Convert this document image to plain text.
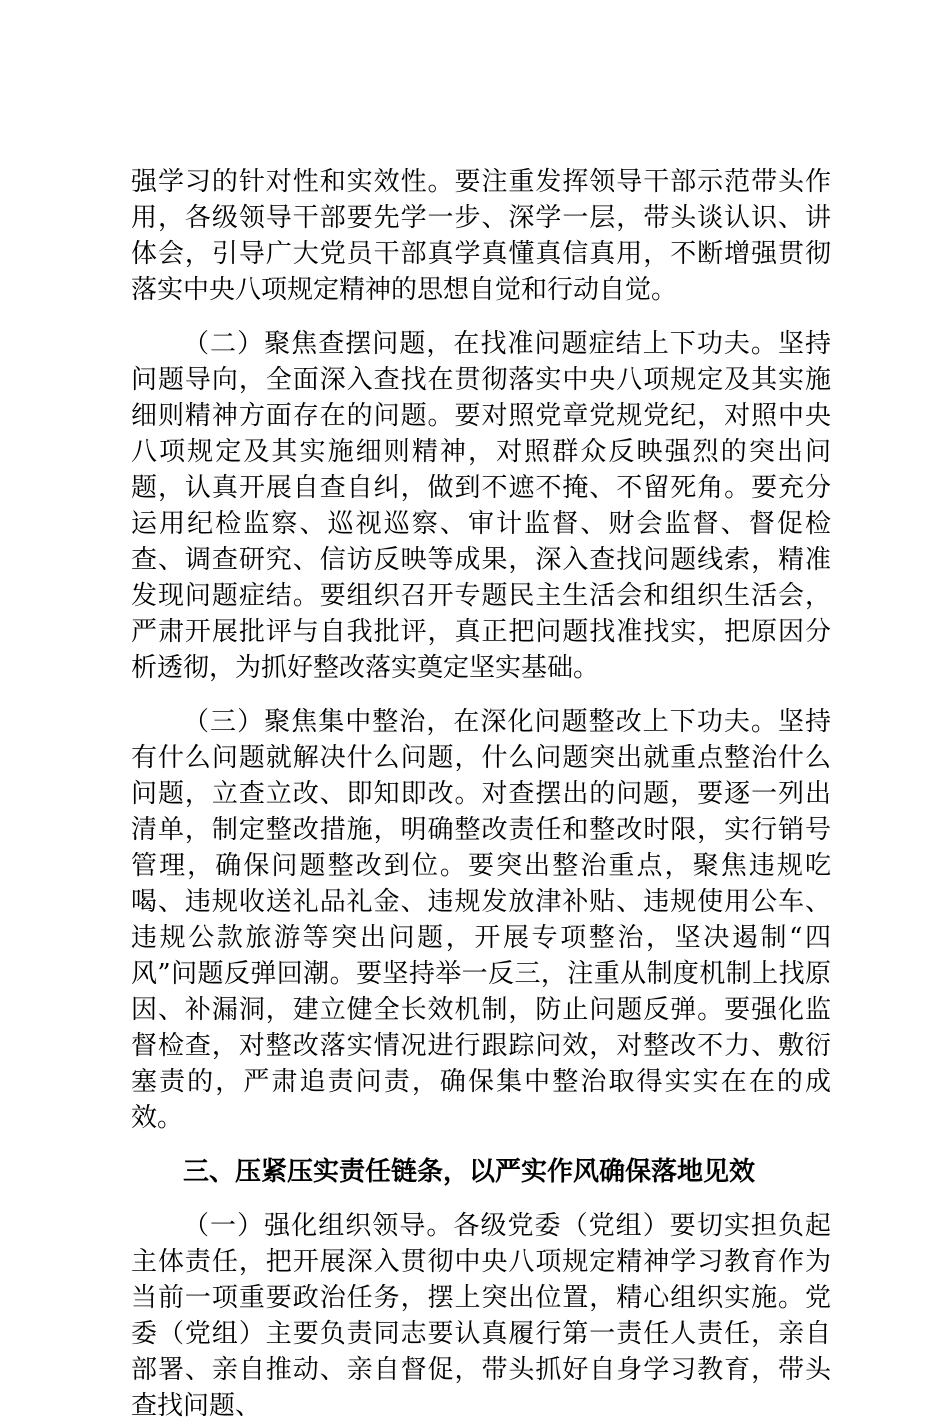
强学习的针对性和实效性。要注重发挥领导干部示范带头作用，各级领导干部要先学一步、深学一层，带头谈认识、讲体会，引导广大党员干部真学真懂真信真用，不断增强贯彻落实中央八项规定精神的思想自觉和行动自觉。

（二）聚焦查摆问题，在找准问题症结上下功夫。坚持问题导向，全面深入查找在贯彻落实中央八项规定及其实施细则精神方面存在的问题。要对照党章党规党纪，对照中央八项规定及其实施细则精神，对照群众反映强烈的突出问题，认真开展自查自纠，做到不遮不掩、不留死角。要充分运用纪检监察、巡视巡察、审计监督、财会监督、督促检查、调查研究、信访反映等成果，深入查找问题线索，精准发现问题症结。要组织召开专题民主生活会和组织生活会，严肃开展批评与自我批评，真正把问题找准找实，把原因分析透彻，为抓好整改落实奠定坚实基础。

（三）聚焦集中整治，在深化问题整改上下功夫。坚持有什么问题就解决什么问题，什么问题突出就重点整治什么问题，立查立改、即知即改。对查摆出的问题，要逐一列出清单，制定整改措施，明确整改责任和整改时限，实行销号管理，确保问题整改到位。要突出整治重点，聚焦违规吃喝、违规收送礼品礼金、违规发放津补贴、违规使用公车、违规公款旅游等突出问题，开展专项整治，坚决遏制“四风”问题反弹回潮。要坚持举一反三，注重从制度机制上找原因、补漏洞，建立健全长效机制，防止问题反弹。要强化监督检查，对整改落实情况进行跟踪问效，对整改不力、敷衍塞责的，严肃追责问责，确保集中整治取得实实在在的成效。

三、压紧压实责任链条，以严实作风确保落地见效

（一）强化组织领导。各级党委（党组）要切实担负起主体责任，把开展深入贯彻中央八项规定精神学习教育作为当前一项重要政治任务，摆上突出位置，精心组织实施。党委（党组）主要负责同志要认真履行第一责任人责任，亲自部署、亲自推动、亲自督促，带头抓好自身学习教育，带头查找问题、
